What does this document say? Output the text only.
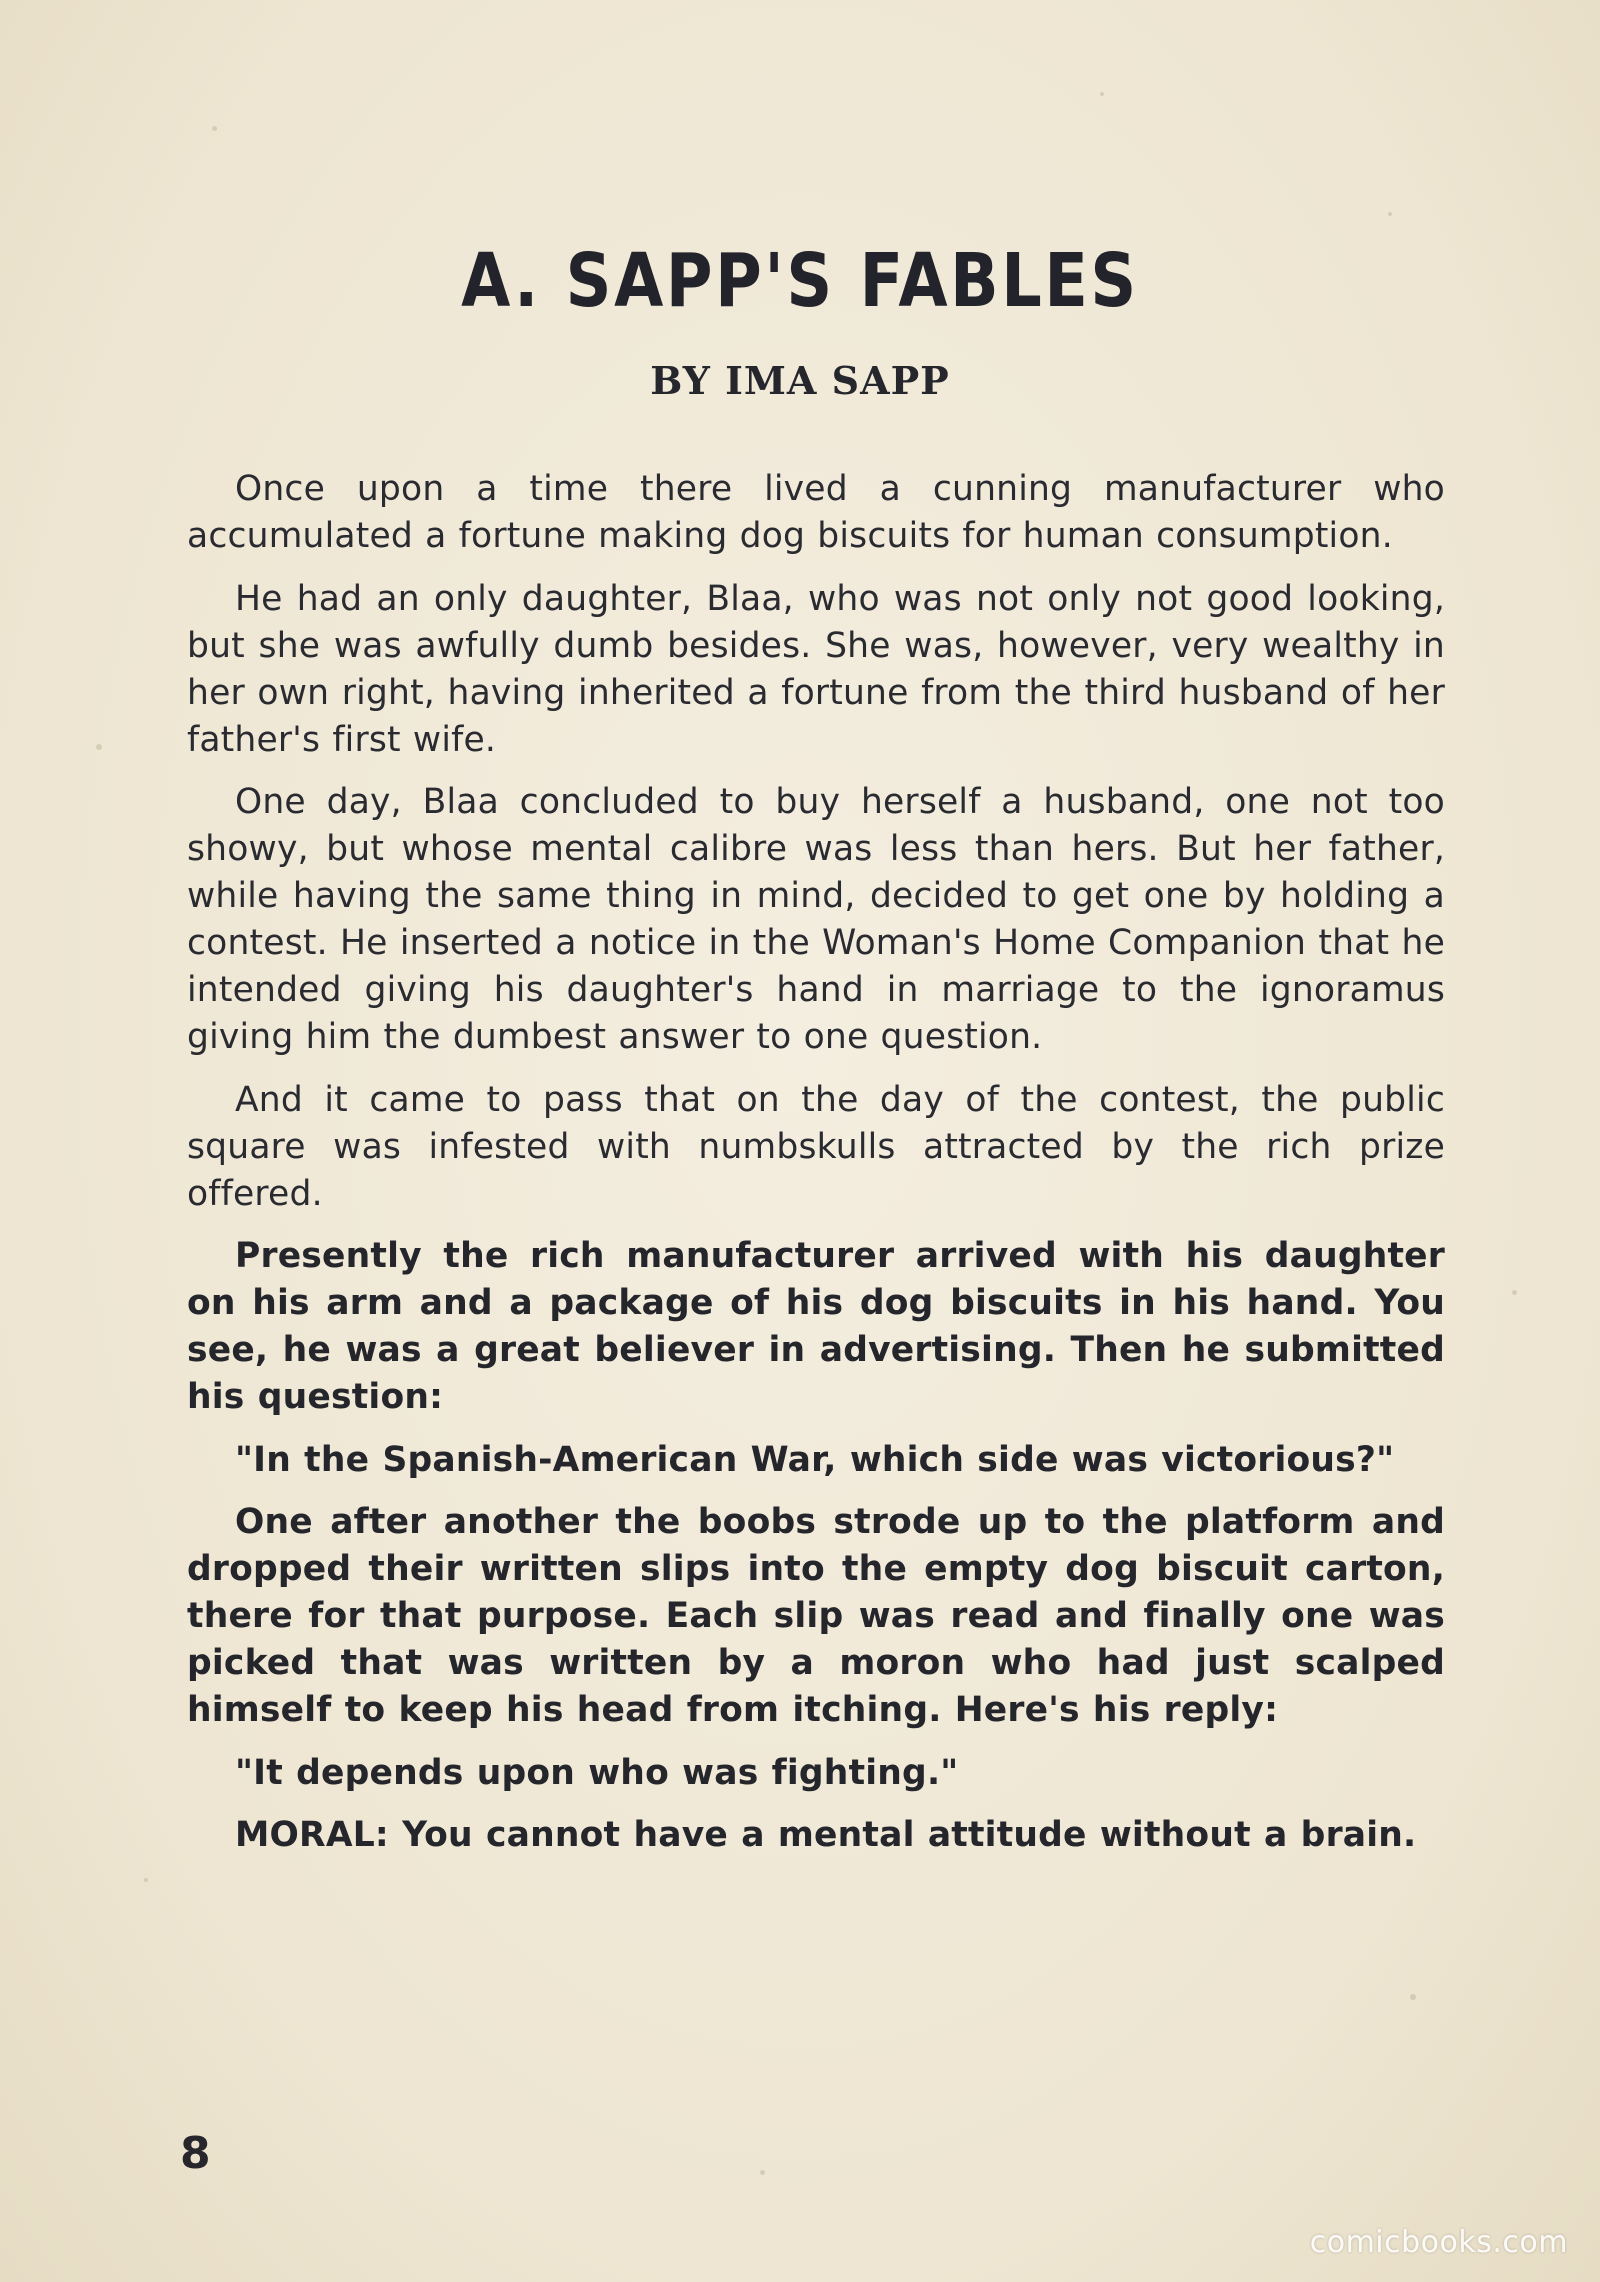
A. SAPP'S FABLES
BY IMA SAPP

Once upon a time there lived a cunning manufacturer who accumulated a fortune making dog biscuits for human consumption.

He had an only daughter, Blaa, who was not only not good looking, but she was awfully dumb besides. She was, however, very wealthy in her own right, having inherited a fortune from the third husband of her father's first wife.

One day, Blaa concluded to buy herself a husband, one not too showy, but whose mental calibre was less than hers. But her father, while having the same thing in mind, decided to get one by holding a contest. He inserted a notice in the Woman's Home Companion that he intended giving his daughter's hand in marriage to the ignoramus giving him the dumbest answer to one question.

And it came to pass that on the day of the contest, the public square was infested with numbskulls attracted by the rich prize offered.

Presently the rich manufacturer arrived with his daughter on his arm and a package of his dog biscuits in his hand. You see, he was a great believer in advertising. Then he submitted his question:

"In the Spanish-American War, which side was victorious?"

One after another the boobs strode up to the platform and dropped their written slips into the empty dog biscuit carton, there for that purpose. Each slip was read and finally one was picked that was written by a moron who had just scalped himself to keep his head from itching. Here's his reply:

"It depends upon who was fighting."

MORAL: You cannot have a mental attitude without a brain.

8
comicbooks.com
